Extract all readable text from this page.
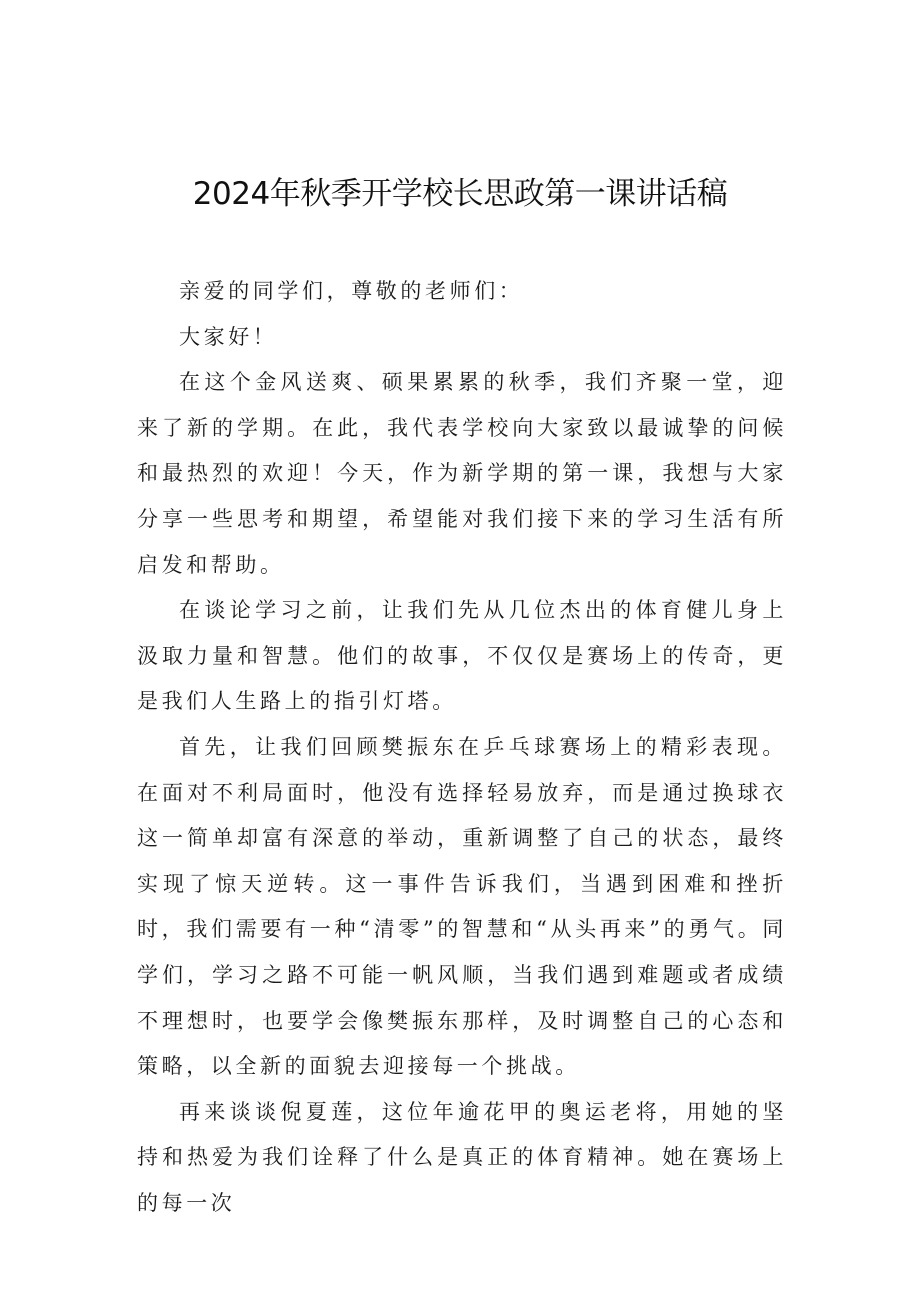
2024年秋季开学校长思政第一课讲话稿

亲爱的同学们，尊敬的老师们：

大家好！

在这个金风送爽、硕果累累的秋季，我们齐聚一堂，迎来了新的学期。在此，我代表学校向大家致以最诚挚的问候和最热烈的欢迎！今天，作为新学期的第一课，我想与大家分享一些思考和期望，希望能对我们接下来的学习生活有所启发和帮助。

在谈论学习之前，让我们先从几位杰出的体育健儿身上汲取力量和智慧。他们的故事，不仅仅是赛场上的传奇，更是我们人生路上的指引灯塔。

首先，让我们回顾樊振东在乒乓球赛场上的精彩表现。在面对不利局面时，他没有选择轻易放弃，而是通过换球衣这一简单却富有深意的举动，重新调整了自己的状态，最终实现了惊天逆转。这一事件告诉我们，当遇到困难和挫折时，我们需要有一种“清零”的智慧和“从头再来”的勇气。同学们，学习之路不可能一帆风顺，当我们遇到难题或者成绩不理想时，也要学会像樊振东那样，及时调整自己的心态和策略，以全新的面貌去迎接每一个挑战。

再来谈谈倪夏莲，这位年逾花甲的奥运老将，用她的坚持和热爱为我们诠释了什么是真正的体育精神。她在赛场上的每一次
